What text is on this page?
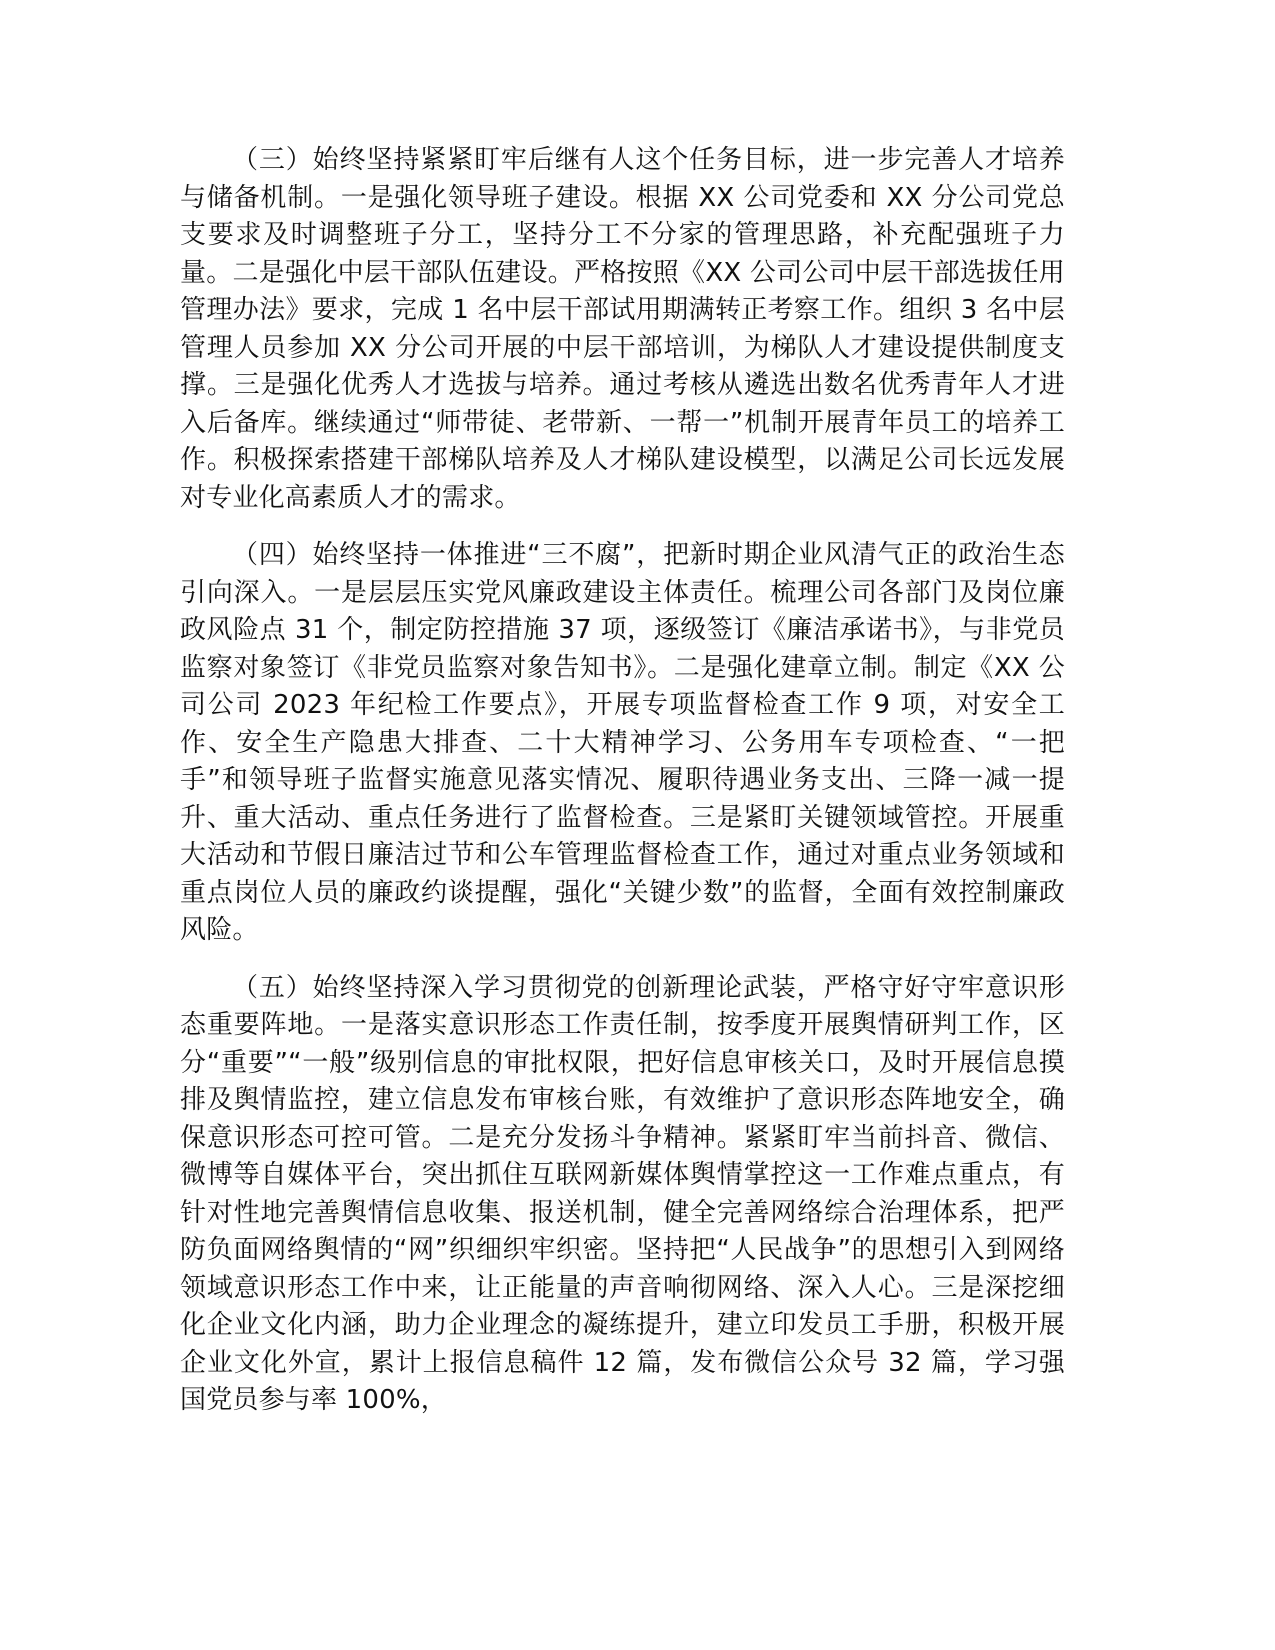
（三）始终坚持紧紧盯牢后继有人这个任务目标，进一步完善人才培养与储备机制。一是强化领导班子建设。根据 XX 公司党委和 XX 分公司党总支要求及时调整班子分工，坚持分工不分家的管理思路，补充配强班子力量。二是强化中层干部队伍建设。严格按照《XX 公司公司中层干部选拔任用管理办法》要求，完成 1 名中层干部试用期满转正考察工作。组织 3 名中层管理人员参加 XX 分公司开展的中层干部培训，为梯队人才建设提供制度支撑。三是强化优秀人才选拔与培养。通过考核从遴选出数名优秀青年人才进入后备库。继续通过“师带徒、老带新、一帮一”机制开展青年员工的培养工作。积极探索搭建干部梯队培养及人才梯队建设模型，以满足公司长远发展对专业化高素质人才的需求。

（四）始终坚持一体推进“三不腐”，把新时期企业风清气正的政治生态引向深入。一是层层压实党风廉政建设主体责任。梳理公司各部门及岗位廉政风险点 31 个，制定防控措施 37 项，逐级签订《廉洁承诺书》，与非党员监察对象签订《非党员监察对象告知书》。二是强化建章立制。制定《XX 公司公司 2023 年纪检工作要点》，开展专项监督检查工作 9 项，对安全工作、安全生产隐患大排查、二十大精神学习、公务用车专项检查、“一把手”和领导班子监督实施意见落实情况、履职待遇业务支出、三降一减一提升、重大活动、重点任务进行了监督检查。三是紧盯关键领域管控。开展重大活动和节假日廉洁过节和公车管理监督检查工作，通过对重点业务领域和重点岗位人员的廉政约谈提醒，强化“关键少数”的监督，全面有效控制廉政风险。

（五）始终坚持深入学习贯彻党的创新理论武装，严格守好守牢意识形态重要阵地。一是落实意识形态工作责任制，按季度开展舆情研判工作，区分“重要”“一般”级别信息的审批权限，把好信息审核关口，及时开展信息摸排及舆情监控，建立信息发布审核台账，有效维护了意识形态阵地安全，确保意识形态可控可管。二是充分发扬斗争精神。紧紧盯牢当前抖音、微信、微博等自媒体平台，突出抓住互联网新媒体舆情掌控这一工作难点重点，有针对性地完善舆情信息收集、报送机制，健全完善网络综合治理体系，把严防负面网络舆情的“网”织细织牢织密。坚持把“人民战争”的思想引入到网络领域意识形态工作中来，让正能量的声音响彻网络、深入人心。三是深挖细化企业文化内涵，助力企业理念的凝练提升，建立印发员工手册，积极开展企业文化外宣，累计上报信息稿件 12 篇，发布微信公众号 32 篇，学习强国党员参与率 100%，
